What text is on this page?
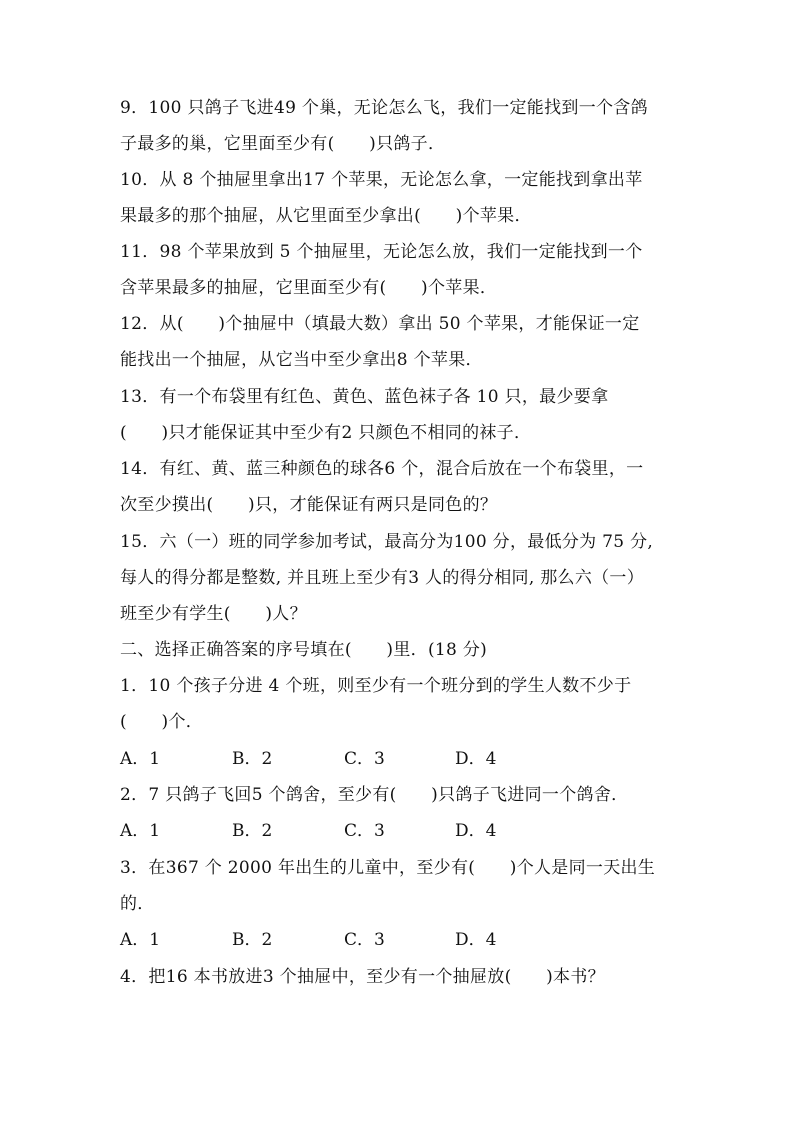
9．100 只鸽子飞进49 个巢，无论怎么飞，我们一定能找到一个含鸽
子最多的巢，它里面至少有(　　)只鸽子．
10．从 8 个抽屉里拿出17 个苹果，无论怎么拿，一定能找到拿出苹
果最多的那个抽屉，从它里面至少拿出(　　)个苹果．
11．98 个苹果放到 5 个抽屉里，无论怎么放，我们一定能找到一个
含苹果最多的抽屉，它里面至少有(　　)个苹果．
12．从(　　)个抽屉中（填最大数）拿出 50 个苹果，才能保证一定
能找出一个抽屉，从它当中至少拿出8 个苹果．
13．有一个布袋里有红色、黄色、蓝色袜子各 10 只，最少要拿
(　　)只才能保证其中至少有2 只颜色不相同的袜子．
14．有红、黄、蓝三种颜色的球各6 个，混合后放在一个布袋里，一
次至少摸出(　　)只，才能保证有两只是同色的？
15．六（一）班的同学参加考试，最高分为100 分，最低分为 75 分,
每人的得分都是整数, 并且班上至少有3 人的得分相同, 那么六（一）
班至少有学生(　　)人？
二、选择正确答案的序号填在(　　)里．(18 分)
1．10 个孩子分进 4 个班，则至少有一个班分到的学生人数不少于
(　　)个．
A．1	B．2	C．3	D．4
2．7 只鸽子飞回5 个鸽舍，至少有(　　)只鸽子飞进同一个鸽舍．
A．1	B．2	C．3	D．4
3．在367 个 2000 年出生的儿童中，至少有(　　)个人是同一天出生
的．
A．1	B．2	C．3	D．4
4．把16 本书放进3 个抽屉中，至少有一个抽屉放(　　)本书？
